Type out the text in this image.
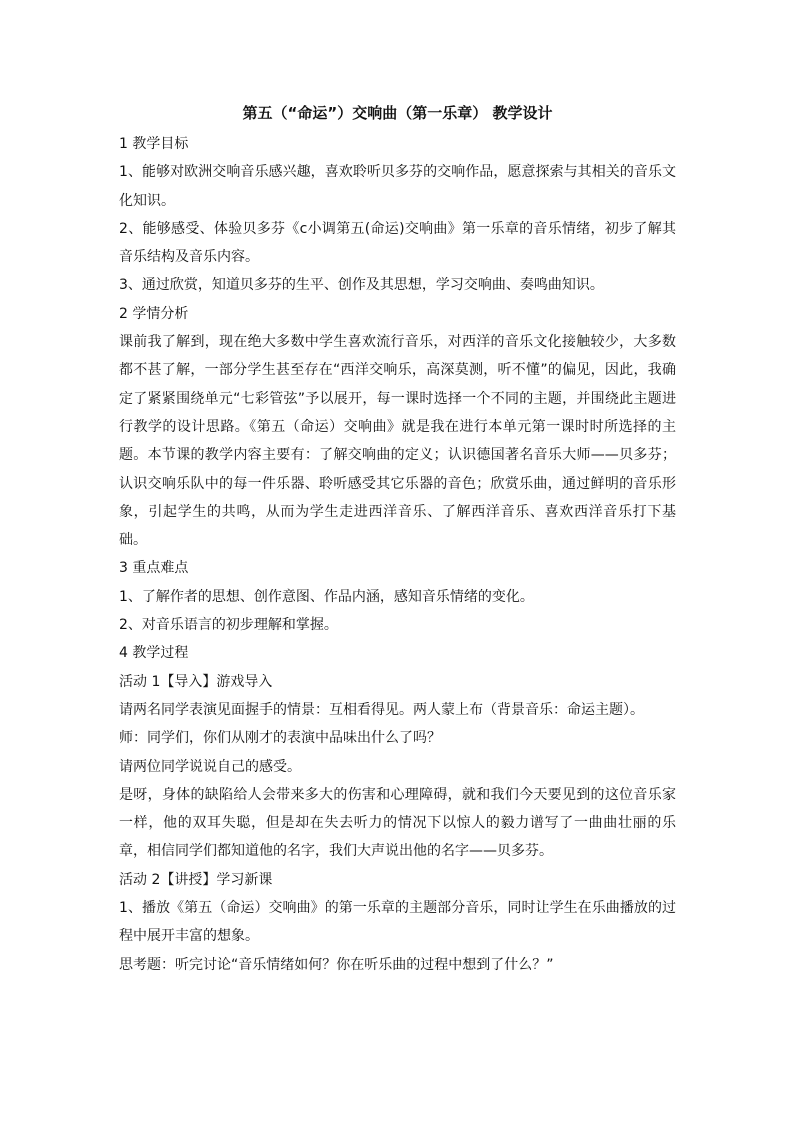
第五（“命运”）交响曲（第一乐章） 教学设计

1 教学目标

1、能够对欧洲交响音乐感兴趣，喜欢聆听贝多芬的交响作品，愿意探索与其相关的音乐文化知识。

2、能够感受、体验贝多芬《c小调第五(命运)交响曲》第一乐章的音乐情绪，初步了解其音乐结构及音乐内容。

3、通过欣赏，知道贝多芬的生平、创作及其思想，学习交响曲、奏鸣曲知识。

2 学情分析

课前我了解到，现在绝大多数中学生喜欢流行音乐，对西洋的音乐文化接触较少，大多数都不甚了解，一部分学生甚至存在“西洋交响乐，高深莫测，听不懂”的偏见，因此，我确定了紧紧围绕单元“七彩管弦”予以展开，每一课时选择一个不同的主题，并围绕此主题进行教学的设计思路。《第五（命运）交响曲》就是我在进行本单元第一课时时所选择的主题。本节课的教学内容主要有：了解交响曲的定义；认识德国著名音乐大师——贝多芬；认识交响乐队中的每一件乐器、聆听感受其它乐器的音色；欣赏乐曲，通过鲜明的音乐形象，引起学生的共鸣，从而为学生走进西洋音乐、了解西洋音乐、喜欢西洋音乐打下基础。

3 重点难点

1、了解作者的思想、创作意图、作品内涵，感知音乐情绪的变化。

2、对音乐语言的初步理解和掌握。

4 教学过程

活动 1【导入】游戏导入

请两名同学表演见面握手的情景：互相看得见。两人蒙上布（背景音乐：命运主题）。

师：同学们，你们从刚才的表演中品味出什么了吗？

请两位同学说说自己的感受。

是呀，身体的缺陷给人会带来多大的伤害和心理障碍，就和我们今天要见到的这位音乐家一样，他的双耳失聪，但是却在失去听力的情况下以惊人的毅力谱写了一曲曲壮丽的乐章，相信同学们都知道他的名字，我们大声说出他的名字——贝多芬。

活动 2【讲授】学习新课

1、播放《第五（命运）交响曲》的第一乐章的主题部分音乐，同时让学生在乐曲播放的过程中展开丰富的想象。

思考题：听完讨论“音乐情绪如何？你在听乐曲的过程中想到了什么？”
